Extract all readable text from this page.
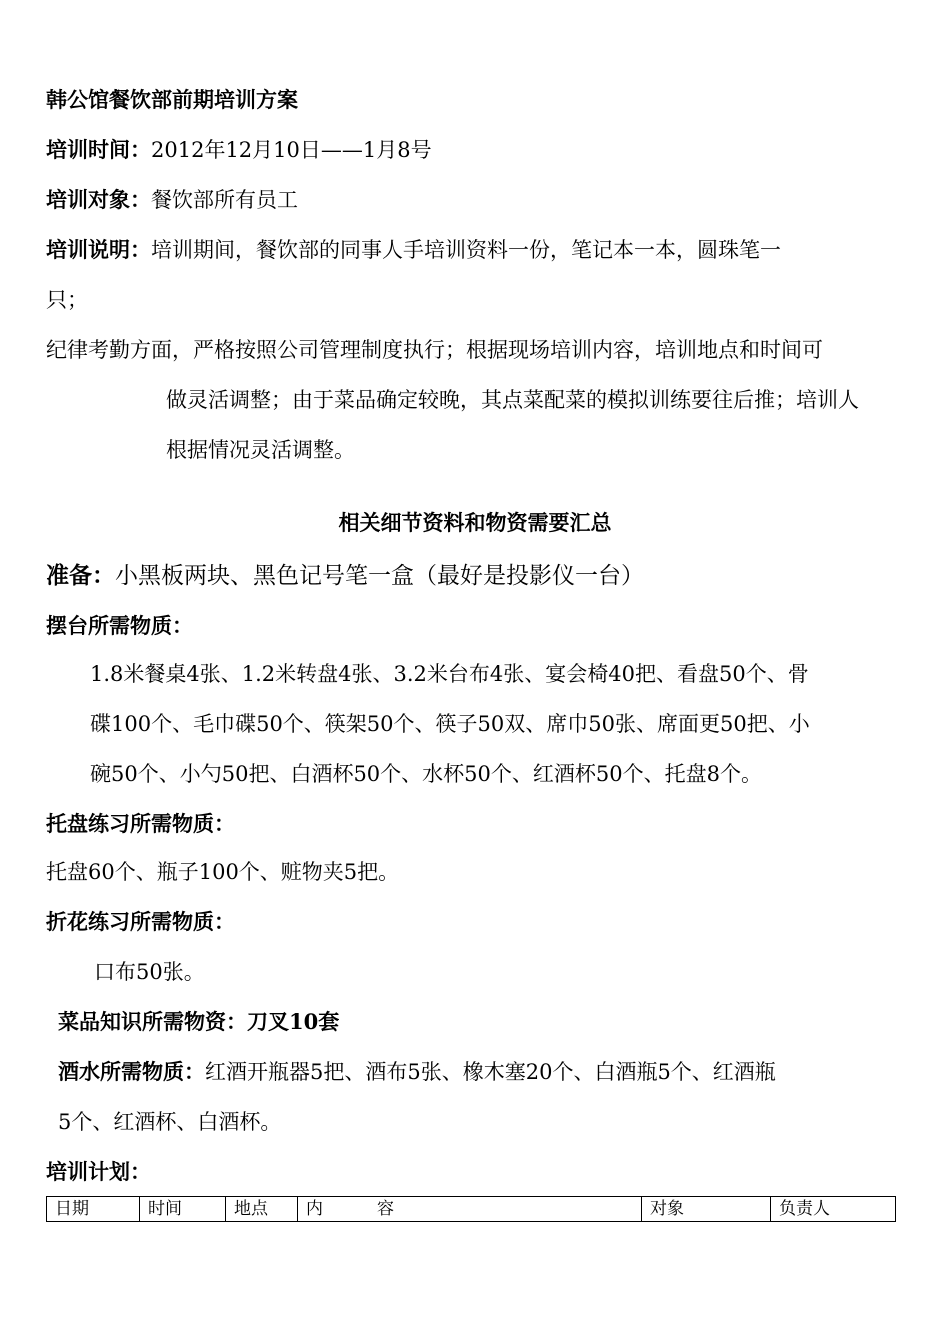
韩公馆餐饮部前期培训方案
培训时间：2012年12月10日——1月8号
培训对象：餐饮部所有员工
培训说明：培训期间，餐饮部的同事人手培训资料一份，笔记本一本，圆珠笔一
只；
纪律考勤方面，严格按照公司管理制度执行；根据现场培训内容，培训地点和时间可
做灵活调整；由于菜品确定较晚，其点菜配菜的模拟训练要往后推；培训人
根据情况灵活调整。
相关细节资料和物资需要汇总
准备：小黑板两块、黑色记号笔一盒（最好是投影仪一台）
摆台所需物质：
1.8米餐桌4张、1.2米转盘4张、3.2米台布4张、宴会椅40把、看盘50个、骨
碟100个、毛巾碟50个、筷架50个、筷子50双、席巾50张、席面更50把、小
碗50个、小勺50把、白酒杯50个、水杯50个、红酒杯50个、托盘8个。
托盘练习所需物质：
托盘60个、瓶子100个、赃物夹5把。
折花练习所需物质：
口布50张。
菜品知识所需物资：刀叉10套
酒水所需物质：红酒开瓶器5把、酒布5张、橡木塞20个、白酒瓶5个、红酒瓶
5个、红酒杯、白酒杯。
培训计划：
日期	时间	地点	内          容	对象	负责人
